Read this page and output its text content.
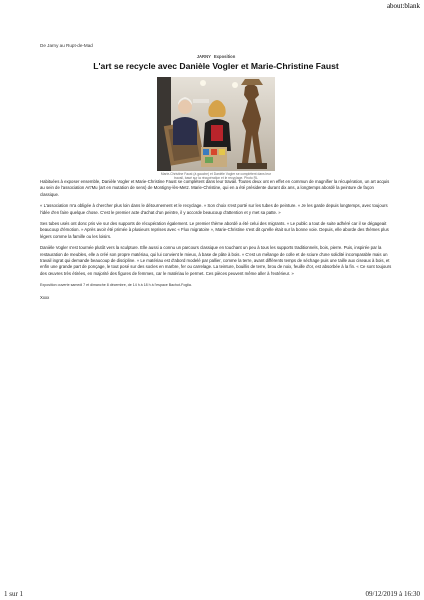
about:blank
De Jarny au Rupt-de-Mad
JARNY Exposition
L'art se recycle avec Danièle Vogler et Marie-Christine Faust
Marie-Christine Faust (à gauche) et Danièle Vogler se complètent dans leur travail, basé sur la récupération et le recyclage. Photo RL

Habituées à exposer ensemble, Danièle Vogler et Marie-Christine Faust se complètent dans leur travail. Toutes deux ont en effet en commun de magnifier la récupération, un art acquis au sein de l'association Art'Mu (art en mutation de sens) de Montigny-lès-Metz. Marie-Christine, qui en a été présidente durant dix ans, a longtemps abordé la peinture de façon classique.

« L'association m'a obligée à chercher plus loin dans le détournement et le recyclage. » Son choix s'est porté sur les tubes de peinture. « Je les garde depuis longtemps, avec toujours l'idée d'en faire quelque chose. C'est le premier acte d'achat d'un peintre, il y accorde beaucoup d'attention et y met sa patte. »

Ses tubes usés ont donc pris vie sur des supports de récupération également. Le premier thème abordé a été celui des migrants. « Le public a tout de suite adhéré car il se dégageait beaucoup d'émotion. » Après avoir été primée à plusieurs reprises avec « Flux migratoire », Marie-Christine s'est dit qu'elle était sur la bonne voie. Depuis, elle aborde des thèmes plus légers comme la famille ou les loisirs.

Danièle Vogler s'est tournée plutôt vers la sculpture. Elle aussi a connu un parcours classique en touchant un peu à tous les supports traditionnels, bois, pierre. Puis, inspirée par la restauration de meubles, elle a créé son propre matériau, qui lui convient le mieux, à base de pâte à bois. « C'est un mélange de colle et de sciure d'une solidité incomparable mais un travail ingrat qui demande beaucoup de discipline. » Le matériau est d'abord modelé par pallier, comme la terre, avant différents temps de séchage puis une taille aux ciseaux à bois, et enfin une grande part de ponçage, le tout posé sur des socles en marbre, fer ou carrelage. La teinture, bouillis de terre, brou de noix, feuille d'or, est absorbée à la fin. « Ce sont toujours des œuvres très étirées, en majorité des figures de femmes, car le matériau le permet. Ces pièces peuvent même aller à l'extérieur. »

Exposition ouverte samedi 7 et dimanche 8 décembre, de 14 h à 18 h à l'espace Bachot-Foglia.

Xxxx
1 sur 1	09/12/2019 à 16:30
